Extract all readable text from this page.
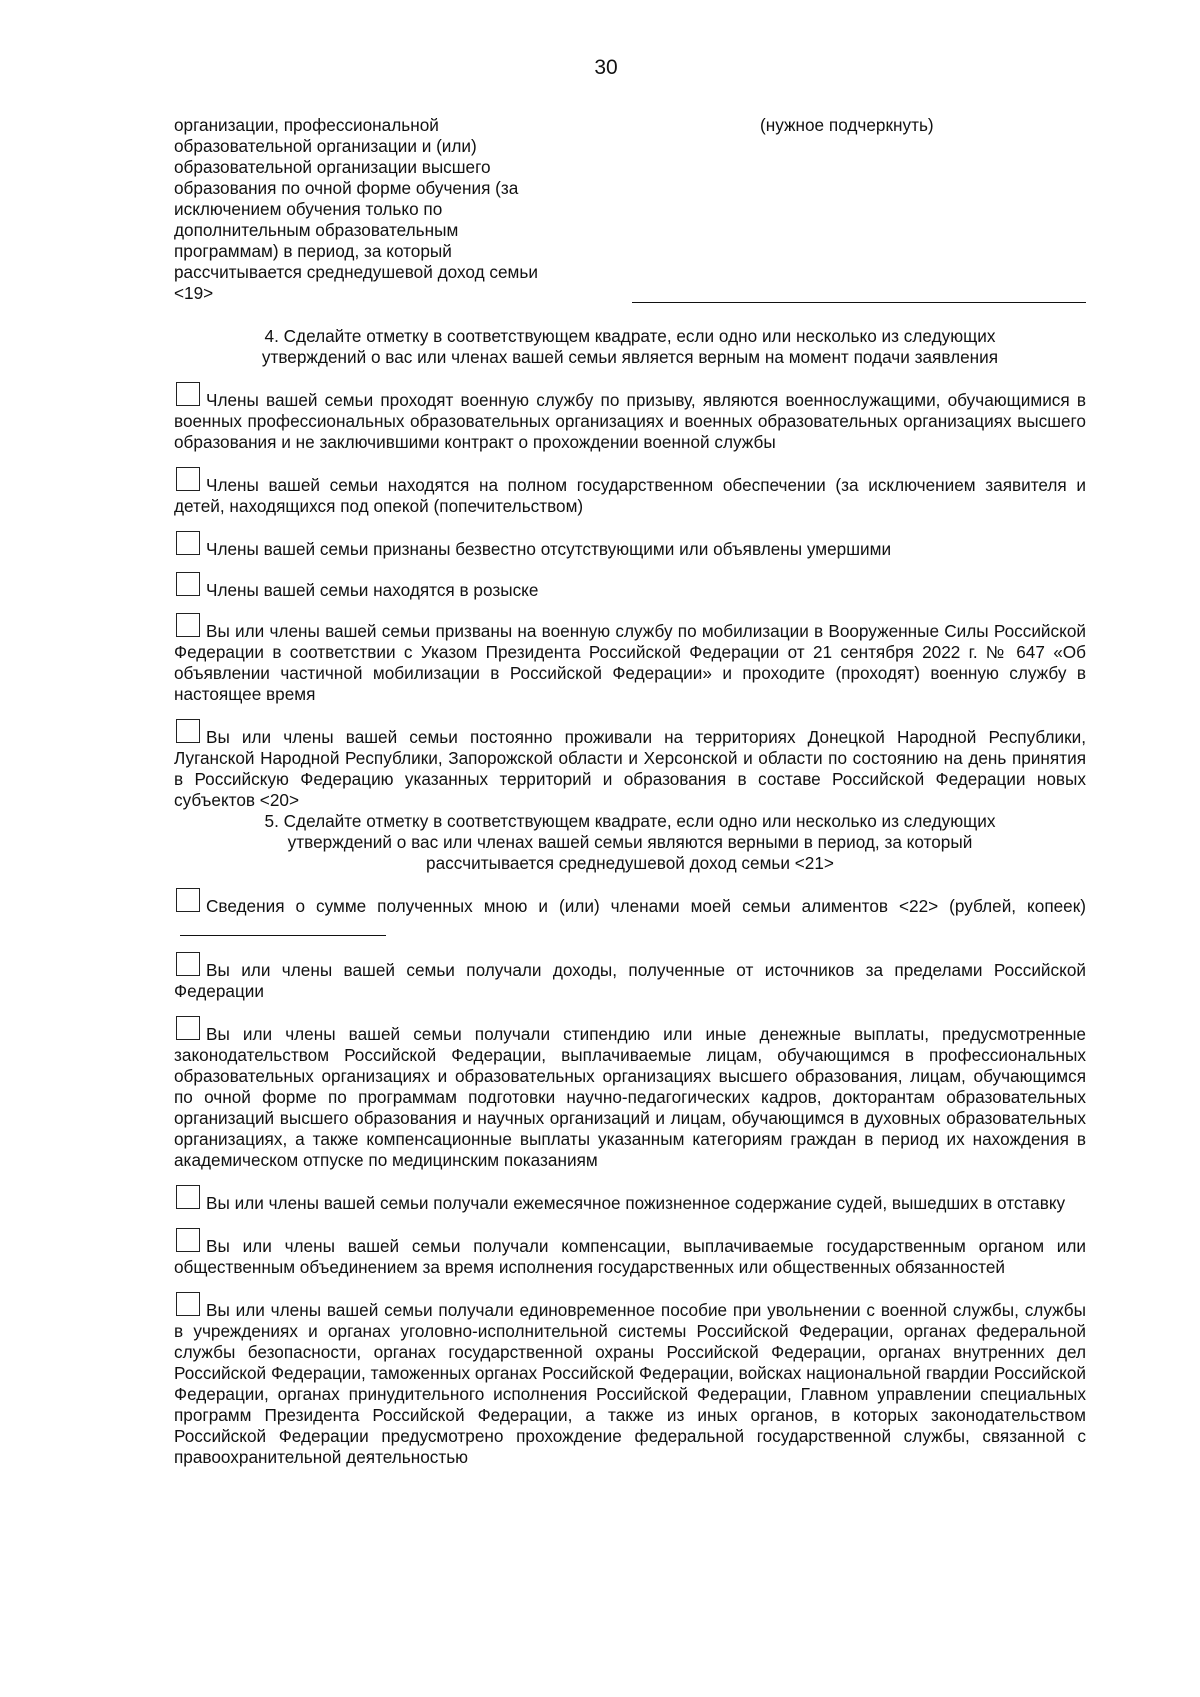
30
организации, профессиональной
образовательной организации и (или)
образовательной организации высшего
образования по очной форме обучения (за
исключением обучения только по
дополнительным образовательным
программам) в период, за который
рассчитывается среднедушевой доход семьи
<19>
(нужное подчеркнуть)
4. Сделайте отметку в соответствующем квадрате, если одно или несколько из следующих
утверждений о вас или членах вашей семьи является верным на момент подачи заявления

Члены вашей семьи проходят военную службу по призыву, являются военнослужащими, обучающимися в военных профессиональных образовательных организациях и военных образовательных организациях высшего образования и не заключившими контракт о прохождении военной службы

Члены вашей семьи находятся на полном государственном обеспечении (за исключением заявителя и детей, находящихся под опекой (попечительством)

Члены вашей семьи признаны безвестно отсутствующими или объявлены умершими

Члены вашей семьи находятся в розыске

Вы или члены вашей семьи призваны на военную службу по мобилизации в Вооруженные Силы Российской Федерации в соответствии с Указом Президента Российской Федерации от 21 сентября 2022 г. № 647 «Об объявлении частичной мобилизации в Российской Федерации» и проходите (проходят) военную службу в настоящее время

Вы или члены вашей семьи постоянно проживали на территориях Донецкой Народной Республики, Луганской Народной Республики, Запорожской области и Херсонской и области по состоянию на день принятия в Российскую Федерацию указанных территорий и образования в составе Российской Федерации новых субъектов <20>

5. Сделайте отметку в соответствующем квадрате, если одно или несколько из следующих
утверждений о вас или членах вашей семьи являются верными в период, за который
рассчитывается среднедушевой доход семьи <21>

Сведения о сумме полученных мною и (или) членами моей семьи алиментов <22> (рублей, копеек)

Вы или члены вашей семьи получали доходы, полученные от источников за пределами Российской Федерации

Вы или члены вашей семьи получали стипендию или иные денежные выплаты, предусмотренные законодательством Российской Федерации, выплачиваемые лицам, обучающимся в профессиональных образовательных организациях и образовательных организациях высшего образования, лицам, обучающимся по очной форме по программам подготовки научно-педагогических кадров, докторантам образовательных организаций высшего образования и научных организаций и лицам, обучающимся в духовных образовательных организациях, а также компенсационные выплаты указанным категориям граждан в период их нахождения в академическом отпуске по медицинским показаниям

Вы или члены вашей семьи получали ежемесячное пожизненное содержание судей, вышедших в отставку

Вы или члены вашей семьи получали компенсации, выплачиваемые государственным органом или общественным объединением за время исполнения государственных или общественных обязанностей

Вы или члены вашей семьи получали единовременное пособие при увольнении с военной службы, службы в учреждениях и органах уголовно-исполнительной системы Российской Федерации, органах федеральной службы безопасности, органах государственной охраны Российской Федерации, органах внутренних дел Российской Федерации, таможенных органах Российской Федерации, войсках национальной гвардии Российской Федерации, органах принудительного исполнения Российской Федерации, Главном управлении специальных программ Президента Российской Федерации, а также из иных органов, в которых законодательством Российской Федерации предусмотрено прохождение федеральной государственной службы, связанной с правоохранительной деятельностью
